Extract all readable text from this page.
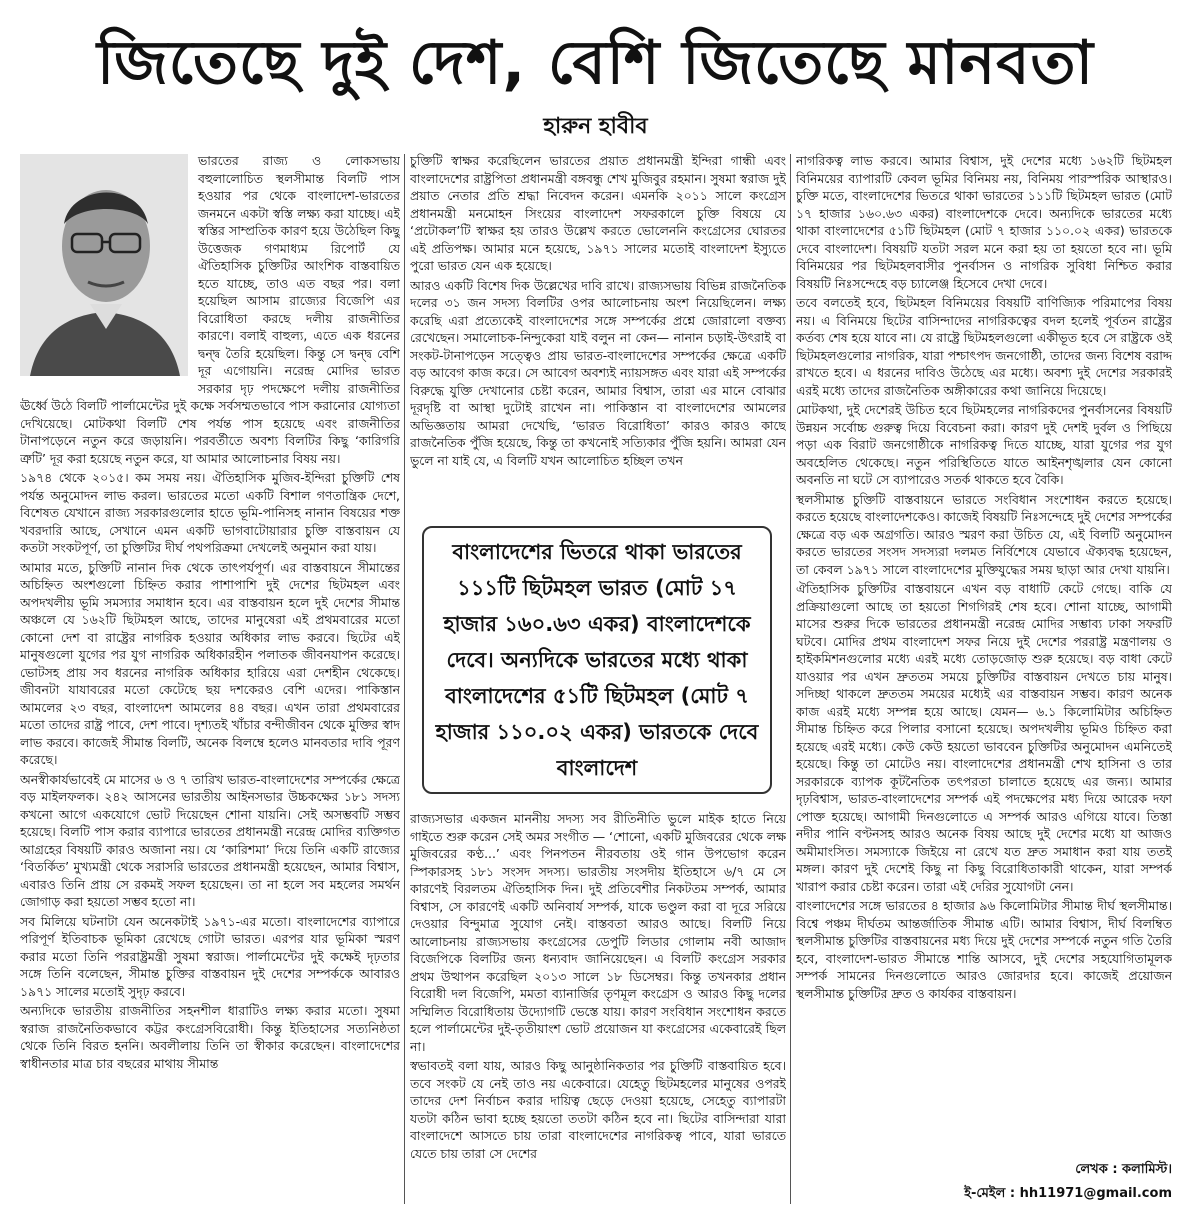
জিতেছে দুই দেশ, বেশি জিতেছে মানবতা
হারুন হাবীব

ভারতের রাজ্য ও লোকসভায় বহুলালোচিত স্থলসীমান্ত বিলটি পাস হওয়ার পর থেকে বাংলাদেশ-ভারতের জনমনে একটা স্বস্তি লক্ষ্য করা যাচ্ছে। এই স্বস্তির সাম্প্রতিক কারণ হয়ে উঠেছিল কিছু উত্তেজক গণমাধ্যম রিপোর্ট যে ঐতিহাসিক চুক্তিটির আংশিক বাস্তবায়িত হতে যাচ্ছে, তাও এত বছর পর। বলা হয়েছিল আসাম রাজ্যের বিজেপি এর বিরোধিতা করছে দলীয় রাজনীতির কারণে। বলাই বাহুল্য, এতে এক ধরনের দ্বন্দ্ব তৈরি হয়েছিল। কিন্তু সে দ্বন্দ্ব বেশি দূর এগোয়নি। নরেন্দ্র মোদির ভারত সরকার দৃঢ় পদক্ষেপে দলীয় রাজনীতির ঊর্ধ্বে উঠে বিলটি পার্লামেন্টের দুই কক্ষে সর্বসম্মতভাবে পাস করানোর যোগ্যতা দেখিয়েছে। মোটকথা বিলটি শেষ পর্যন্ত পাস হয়েছে এবং রাজনীতির টানাপড়েনে নতুন করে জড়ায়নি। পরবর্তীতে অবশ্য বিলটির কিছু ‘কারিগরি ত্রুটি’ দূর করা হয়েছে নতুন করে, যা আমার আলোচনার বিষয় নয়।

১৯৭৪ থেকে ২০১৫। কম সময় নয়। ঐতিহাসিক মুজিব-ইন্দিরা চুক্তিটি শেষ পর্যন্ত অনুমোদন লাভ করল। ভারতের মতো একটি বিশাল গণতান্ত্রিক দেশে, বিশেষত যেখানে রাজ্য সরকারগুলোর হাতে ভূমি-পানিসহ নানান বিষয়ের শক্ত খবরদারি আছে, সেখানে এমন একটি ভাগবাটোয়ারার চুক্তি বাস্তবায়ন যে কতটা সংকটপূর্ণ, তা চুক্তিটির দীর্ঘ পথপরিক্রমা দেখলেই অনুমান করা যায়।

আমার মতে, চুক্তিটি নানান দিক থেকে তাৎপর্যপূর্ণ। এর বাস্তবায়নে সীমান্তের অচিহ্নিত অংশগুলো চিহ্নিত করার পাশাপাশি দুই দেশের ছিটমহল এবং অপদখলীয় ভূমি সমস্যার সমাধান হবে। এর বাস্তবায়ন হলে দুই দেশের সীমান্ত অঞ্চলে যে ১৬২টি ছিটমহল আছে, তাদের মানুষেরা এই প্রথমবারের মতো কোনো দেশ বা রাষ্ট্রের নাগরিক হওয়ার অধিকার লাভ করবে। ছিটের এই মানুষগুলো যুগের পর যুগ নাগরিক অধিকারহীন পলাতক জীবনযাপন করেছে। ভোটসহ প্রায় সব ধরনের নাগরিক অধিকার হারিয়ে এরা দেশহীন থেকেছে। জীবনটা যাযাবরের মতো কেটেছে ছয় দশকেরও বেশি এদের। পাকিস্তান আমলের ২৩ বছর, বাংলাদেশ আমলের ৪৪ বছর। এখন তারা প্রথমবারের মতো তাদের রাষ্ট্র পাবে, দেশ পাবে। দৃশ্যতই খাঁচার বন্দীজীবন থেকে মুক্তির স্বাদ লাভ করবে। কাজেই সীমান্ত বিলটি, অনেক বিলম্বে হলেও মানবতার দাবি পূরণ করেছে।

অনস্বীকার্যভাবেই মে মাসের ৬ ও ৭ তারিখ ভারত-বাংলাদেশের সম্পর্কের ক্ষেত্রে বড় মাইলফলক। ২৪২ আসনের ভারতীয় আইনসভার উচ্চকক্ষের ১৮১ সদস্য কখনো আগে একযোগে ভোট দিয়েছেন শোনা যায়নি। সেই অসম্ভবটি সম্ভব হয়েছে। বিলটি পাস করার ব্যাপারে ভারতের প্রধানমন্ত্রী নরেন্দ্র মোদির ব্যক্তিগত আগ্রহের বিষয়টি কারও অজানা নয়। যে ‘কারিশমা’ দিয়ে তিনি একটি রাজ্যের ‘বিতর্কিত’ মুখ্যমন্ত্রী থেকে সরাসরি ভারতের প্রধানমন্ত্রী হয়েছেন, আমার বিশ্বাস, এবারও তিনি প্রায় সে রকমই সফল হয়েছেন। তা না হলে সব মহলের সমর্থন জোগাড় করা হয়তো সম্ভব হতো না।

সব মিলিয়ে ঘটনাটা যেন অনেকটাই ১৯৭১-এর মতো। বাংলাদেশের ব্যাপারে পরিপূর্ণ ইতিবাচক ভূমিকা রেখেছে গোটা ভারত। এরপর যার ভূমিকা স্মরণ করার মতো তিনি পররাষ্ট্রমন্ত্রী সুষমা স্বরাজ। পার্লামেন্টের দুই কক্ষেই দৃঢ়তার সঙ্গে তিনি বলেছেন, সীমান্ত চুক্তির বাস্তবায়ন দুই দেশের সম্পর্ককে আবারও ১৯৭১ সালের মতোই সুদৃঢ় করবে।

অন্যদিকে ভারতীয় রাজনীতির সহনশীল ধারাটিও লক্ষ্য করার মতো। সুষমা স্বরাজ রাজনৈতিকভাবে কট্টর কংগ্রেসবিরোধী। কিন্তু ইতিহাসের সত্যনিষ্ঠতা থেকে তিনি বিরত হননি। অবলীলায় তিনি তা স্বীকার করেছেন। বাংলাদেশের স্বাধীনতার মাত্র চার বছরের মাথায় সীমান্ত

চুক্তিটি স্বাক্ষর করেছিলেন ভারতের প্রয়াত প্রধানমন্ত্রী ইন্দিরা গান্ধী এবং বাংলাদেশের রাষ্ট্রপিতা প্রধানমন্ত্রী বঙ্গবন্ধু শেখ মুজিবুর রহমান। সুষমা স্বরাজ দুই প্রয়াত নেতার প্রতি শ্রদ্ধা নিবেদন করেন। এমনকি ২০১১ সালে কংগ্রেস প্রধানমন্ত্রী মনমোহন সিংয়ের বাংলাদেশ সফরকালে চুক্তি বিষয়ে যে ‘প্রটোকল’টি স্বাক্ষর হয় তারও উল্লেখ করতে ভোলেননি কংগ্রেসের ঘোরতর এই প্রতিপক্ষ। আমার মনে হয়েছে, ১৯৭১ সালের মতোই বাংলাদেশ ইস্যুতে পুরো ভারত যেন এক হয়েছে।

আরও একটি বিশেষ দিক উল্লেখের দাবি রাখে। রাজ্যসভায় বিভিন্ন রাজনৈতিক দলের ৩১ জন সদস্য বিলটির ওপর আলোচনায় অংশ নিয়েছিলেন। লক্ষ্য করেছি এরা প্রত্যেকেই বাংলাদেশের সঙ্গে সম্পর্কের প্রশ্নে জোরালো বক্তব্য রেখেছেন। সমালোচক-নিন্দুকেরা যাই বলুন না কেন— নানান চড়াই-উৎরাই বা সংকট-টানাপড়েন সত্ত্বেও প্রায় ভারত-বাংলাদেশের সম্পর্কের ক্ষেত্রে একটি বড় আবেগ কাজ করে। সে আবেগ অবশ্যই ন্যায়সঙ্গত এবং যারা এই সম্পর্কের বিরুদ্ধে যুক্তি দেখানোর চেষ্টা করেন, আমার বিশ্বাস, তারা এর মানে বোঝার দূরদৃষ্টি বা আস্থা দুটোই রাখেন না। পাকিস্তান বা বাংলাদেশের আমলের অভিজ্ঞতায় আমরা দেখেছি, ‘ভারত বিরোধিতা’ কারও কারও কাছে রাজনৈতিক পুঁজি হয়েছে, কিন্তু তা কখনোই সত্যিকার পুঁজি হয়নি। আমরা যেন ভুলে না যাই যে, এ বিলটি যখন আলোচিত হচ্ছিল তখন

বাংলাদেশের ভিতরে থাকা ভারতের ১১১টি ছিটমহল ভারত (মোট ১৭ হাজার ১৬০.৬৩ একর) বাংলাদেশকে দেবে। অন্যদিকে ভারতের মধ্যে থাকা বাংলাদেশের ৫১টি ছিটমহল (মোট ৭ হাজার ১১০.০২ একর) ভারতকে দেবে বাংলাদেশ

রাজ্যসভার একজন মাননীয় সদস্য সব রীতিনীতি ভুলে মাইক হাতে নিয়ে গাইতে শুরু করেন সেই অমর সংগীত — ‘শোনো, একটি মুজিবরের থেকে লক্ষ মুজিবরের কণ্ঠ...’ এবং পিনপতন নীরবতায় ওই গান উপভোগ করেন স্পিকারসহ ১৮১ সংসদ সদস্য। ভারতীয় সংসদীয় ইতিহাসে ৬/৭ মে সে কারণেই বিরলতম ঐতিহাসিক দিন। দুই প্রতিবেশীর নিকটতম সম্পর্ক, আমার বিশ্বাস, সে কারণেই একটি অনিবার্য সম্পর্ক, যাকে ভণ্ডুল করা বা দূরে সরিয়ে দেওয়ার বিন্দুমাত্র সুযোগ নেই। বাস্তবতা আরও আছে। বিলটি নিয়ে আলোচনায় রাজ্যসভায় কংগ্রেসের ডেপুটি লিডার গোলাম নবী আজাদ বিজেপিকে বিলটির জন্য ধন্যবাদ জানিয়েছেন। এ বিলটি কংগ্রেস সরকার প্রথম উত্থাপন করেছিল ২০১৩ সালে ১৮ ডিসেম্বর। কিন্তু তখনকার প্রধান বিরোধী দল বিজেপি, মমতা ব্যানার্জির তৃণমূল কংগ্রেস ও আরও কিছু দলের সম্মিলিত বিরোধিতায় উদ্যোগটি ভেস্তে যায়। কারণ সংবিধান সংশোধন করতে হলে পার্লামেন্টের দুই-তৃতীয়াংশ ভোট প্রয়োজন যা কংগ্রেসের একেবারেই ছিল না।

স্বভাবতই বলা যায়, আরও কিছু আনুষ্ঠানিকতার পর চুক্তিটি বাস্তবায়িত হবে। তবে সংকট যে নেই তাও নয় একেবারে। যেহেতু ছিটমহলের মানুষের ওপরই তাদের দেশ নির্বাচন করার দায়িত্ব ছেড়ে দেওয়া হয়েছে, সেহেতু ব্যাপারটা যতটা কঠিন ভাবা হচ্ছে হয়তো ততটা কঠিন হবে না। ছিটের বাসিন্দারা যারা বাংলাদেশে আসতে চায় তারা বাংলাদেশের নাগরিকত্ব পাবে, যারা ভারতে যেতে চায় তারা সে দেশের

নাগরিকত্ব লাভ করবে। আমার বিশ্বাস, দুই দেশের মধ্যে ১৬২টি ছিটমহল বিনিময়ের ব্যাপারটি কেবল ভূমির বিনিময় নয়, বিনিময় পারস্পরিক আস্থারও। চুক্তি মতে, বাংলাদেশের ভিতরে থাকা ভারতের ১১১টি ছিটমহল ভারত (মোট ১৭ হাজার ১৬০.৬৩ একর) বাংলাদেশকে দেবে। অন্যদিকে ভারতের মধ্যে থাকা বাংলাদেশের ৫১টি ছিটমহল (মোট ৭ হাজার ১১০.০২ একর) ভারতকে দেবে বাংলাদেশ। বিষয়টি যতটা সরল মনে করা হয় তা হয়তো হবে না। ভূমি বিনিময়ের পর ছিটমহলবাসীর পুনর্বাসন ও নাগরিক সুবিধা নিশ্চিত করার বিষয়টি নিঃসন্দেহে বড় চ্যালেঞ্জ হিসেবে দেখা দেবে।

তবে বলতেই হবে, ছিটমহল বিনিময়ের বিষয়টি বাণিজ্যিক পরিমাপের বিষয় নয়। এ বিনিময়ে ছিটের বাসিন্দাদের নাগরিকত্বের বদল হলেই পূর্বতন রাষ্ট্রের কর্তব্য শেষ হয়ে যাবে না। যে রাষ্ট্রে ছিটমহলগুলো একীভূত হবে সে রাষ্ট্রকে ওই ছিটমহলগুলোর নাগরিক, যারা পশ্চাৎপদ জনগোষ্ঠী, তাদের জন্য বিশেষ বরাদ্দ রাখতে হবে। এ ধরনের দাবিও উঠেছে এর মধ্যে। অবশ্য দুই দেশের সরকারই এরই মধ্যে তাদের রাজনৈতিক অঙ্গীকারের কথা জানিয়ে দিয়েছে।

মোটকথা, দুই দেশেরই উচিত হবে ছিটমহলের নাগরিকদের পুনর্বাসনের বিষয়টি উন্নয়ন সর্বোচ্চ গুরুত্ব দিয়ে বিবেচনা করা। কারণ দুই দেশই দুর্বল ও পিছিয়ে পড়া এক বিরাট জনগোষ্ঠীকে নাগরিকত্ব দিতে যাচ্ছে, যারা যুগের পর যুগ অবহেলিত থেকেছে। নতুন পরিস্থিতিতে যাতে আইনশৃঙ্খলার যেন কোনো অবনতি না ঘটে সে ব্যাপারেও সতর্ক থাকতে হবে বৈকি।

স্থলসীমান্ত চুক্তিটি বাস্তবায়নে ভারতে সংবিধান সংশোধন করতে হয়েছে। করতে হয়েছে বাংলাদেশকেও। কাজেই বিষয়টি নিঃসন্দেহে দুই দেশের সম্পর্কের ক্ষেত্রে বড় এক অগ্রগতি। আরও স্মরণ করা উচিত যে, এই বিলটি অনুমোদন করতে ভারতের সংসদ সদস্যরা দলমত নির্বিশেষে যেভাবে ঐক্যবদ্ধ হয়েছেন, তা কেবল ১৯৭১ সালে বাংলাদেশের মুক্তিযুদ্ধের সময় ছাড়া আর দেখা যায়নি।

ঐতিহাসিক চুক্তিটির বাস্তবায়নে এখন বড় বাধাটি কেটে গেছে। বাকি যে প্রক্রিয়াগুলো আছে তা হয়তো শিগগিরই শেষ হবে। শোনা যাচ্ছে, আগামী মাসের শুরুর দিকে ভারতের প্রধানমন্ত্রী নরেন্দ্র মোদির সম্ভাব্য ঢাকা সফরটি ঘটবে। মোদির প্রথম বাংলাদেশ সফর নিয়ে দুই দেশের পররাষ্ট্র মন্ত্রণালয় ও হাইকমিশনগুলোর মধ্যে এরই মধ্যে তোড়জোড় শুরু হয়েছে। বড় বাধা কেটে যাওয়ার পর এখন দ্রুততম সময়ে চুক্তিটির বাস্তবায়ন দেখতে চায় মানুষ। সদিচ্ছা থাকলে দ্রুততম সময়ের মধ্যেই এর বাস্তবায়ন সম্ভব। কারণ অনেক কাজ এরই মধ্যে সম্পন্ন হয়ে আছে। যেমন— ৬.১ কিলোমিটার অচিহ্নিত সীমান্ত চিহ্নিত করে পিলার বসানো হয়েছে। অপদখলীয় ভূমিও চিহ্নিত করা হয়েছে এরই মধ্যে। কেউ কেউ হয়তো ভাববেন চুক্তিটির অনুমোদন এমনিতেই হয়েছে। কিন্তু তা মোটেও নয়। বাংলাদেশের প্রধানমন্ত্রী শেখ হাসিনা ও তার সরকারকে ব্যাপক কূটনৈতিক তৎপরতা চালাতে হয়েছে এর জন্য। আমার দৃঢ়বিশ্বাস, ভারত-বাংলাদেশের সম্পর্ক এই পদক্ষেপের মধ্য দিয়ে আরেক দফা পোক্ত হয়েছে। আগামী দিনগুলোতে এ সম্পর্ক আরও এগিয়ে যাবে। তিস্তা নদীর পানি বণ্টনসহ আরও অনেক বিষয় আছে দুই দেশের মধ্যে যা আজও অমীমাংসিত। সমস্যাকে জিইয়ে না রেখে যত দ্রুত সমাধান করা যায় ততই মঙ্গল। কারণ দুই দেশেই কিছু না কিছু বিরোধিতাকারী থাকেন, যারা সম্পর্ক খারাপ করার চেষ্টা করেন। তারা এই দেরির সুযোগটা নেন।

বাংলাদেশের সঙ্গে ভারতের ৪ হাজার ৯৬ কিলোমিটার সীমান্ত দীর্ঘ স্থলসীমান্ত। বিশ্বে পঞ্চম দীর্ঘতম আন্তর্জাতিক সীমান্ত এটি। আমার বিশ্বাস, দীর্ঘ বিলম্বিত স্থলসীমান্ত চুক্তিটির বাস্তবায়নের মধ্য দিয়ে দুই দেশের সম্পর্কে নতুন গতি তৈরি হবে, বাংলাদেশ-ভারত সীমান্তে শান্তি আসবে, দুই দেশের সহযোগিতামূলক সম্পর্ক সামনের দিনগুলোতে আরও জোরদার হবে। কাজেই প্রয়োজন স্থলসীমান্ত চুক্তিটির দ্রুত ও কার্যকর বাস্তবায়ন।

লেখক : কলামিস্ট।
ই-মেইল : hh11971@gmail.com
